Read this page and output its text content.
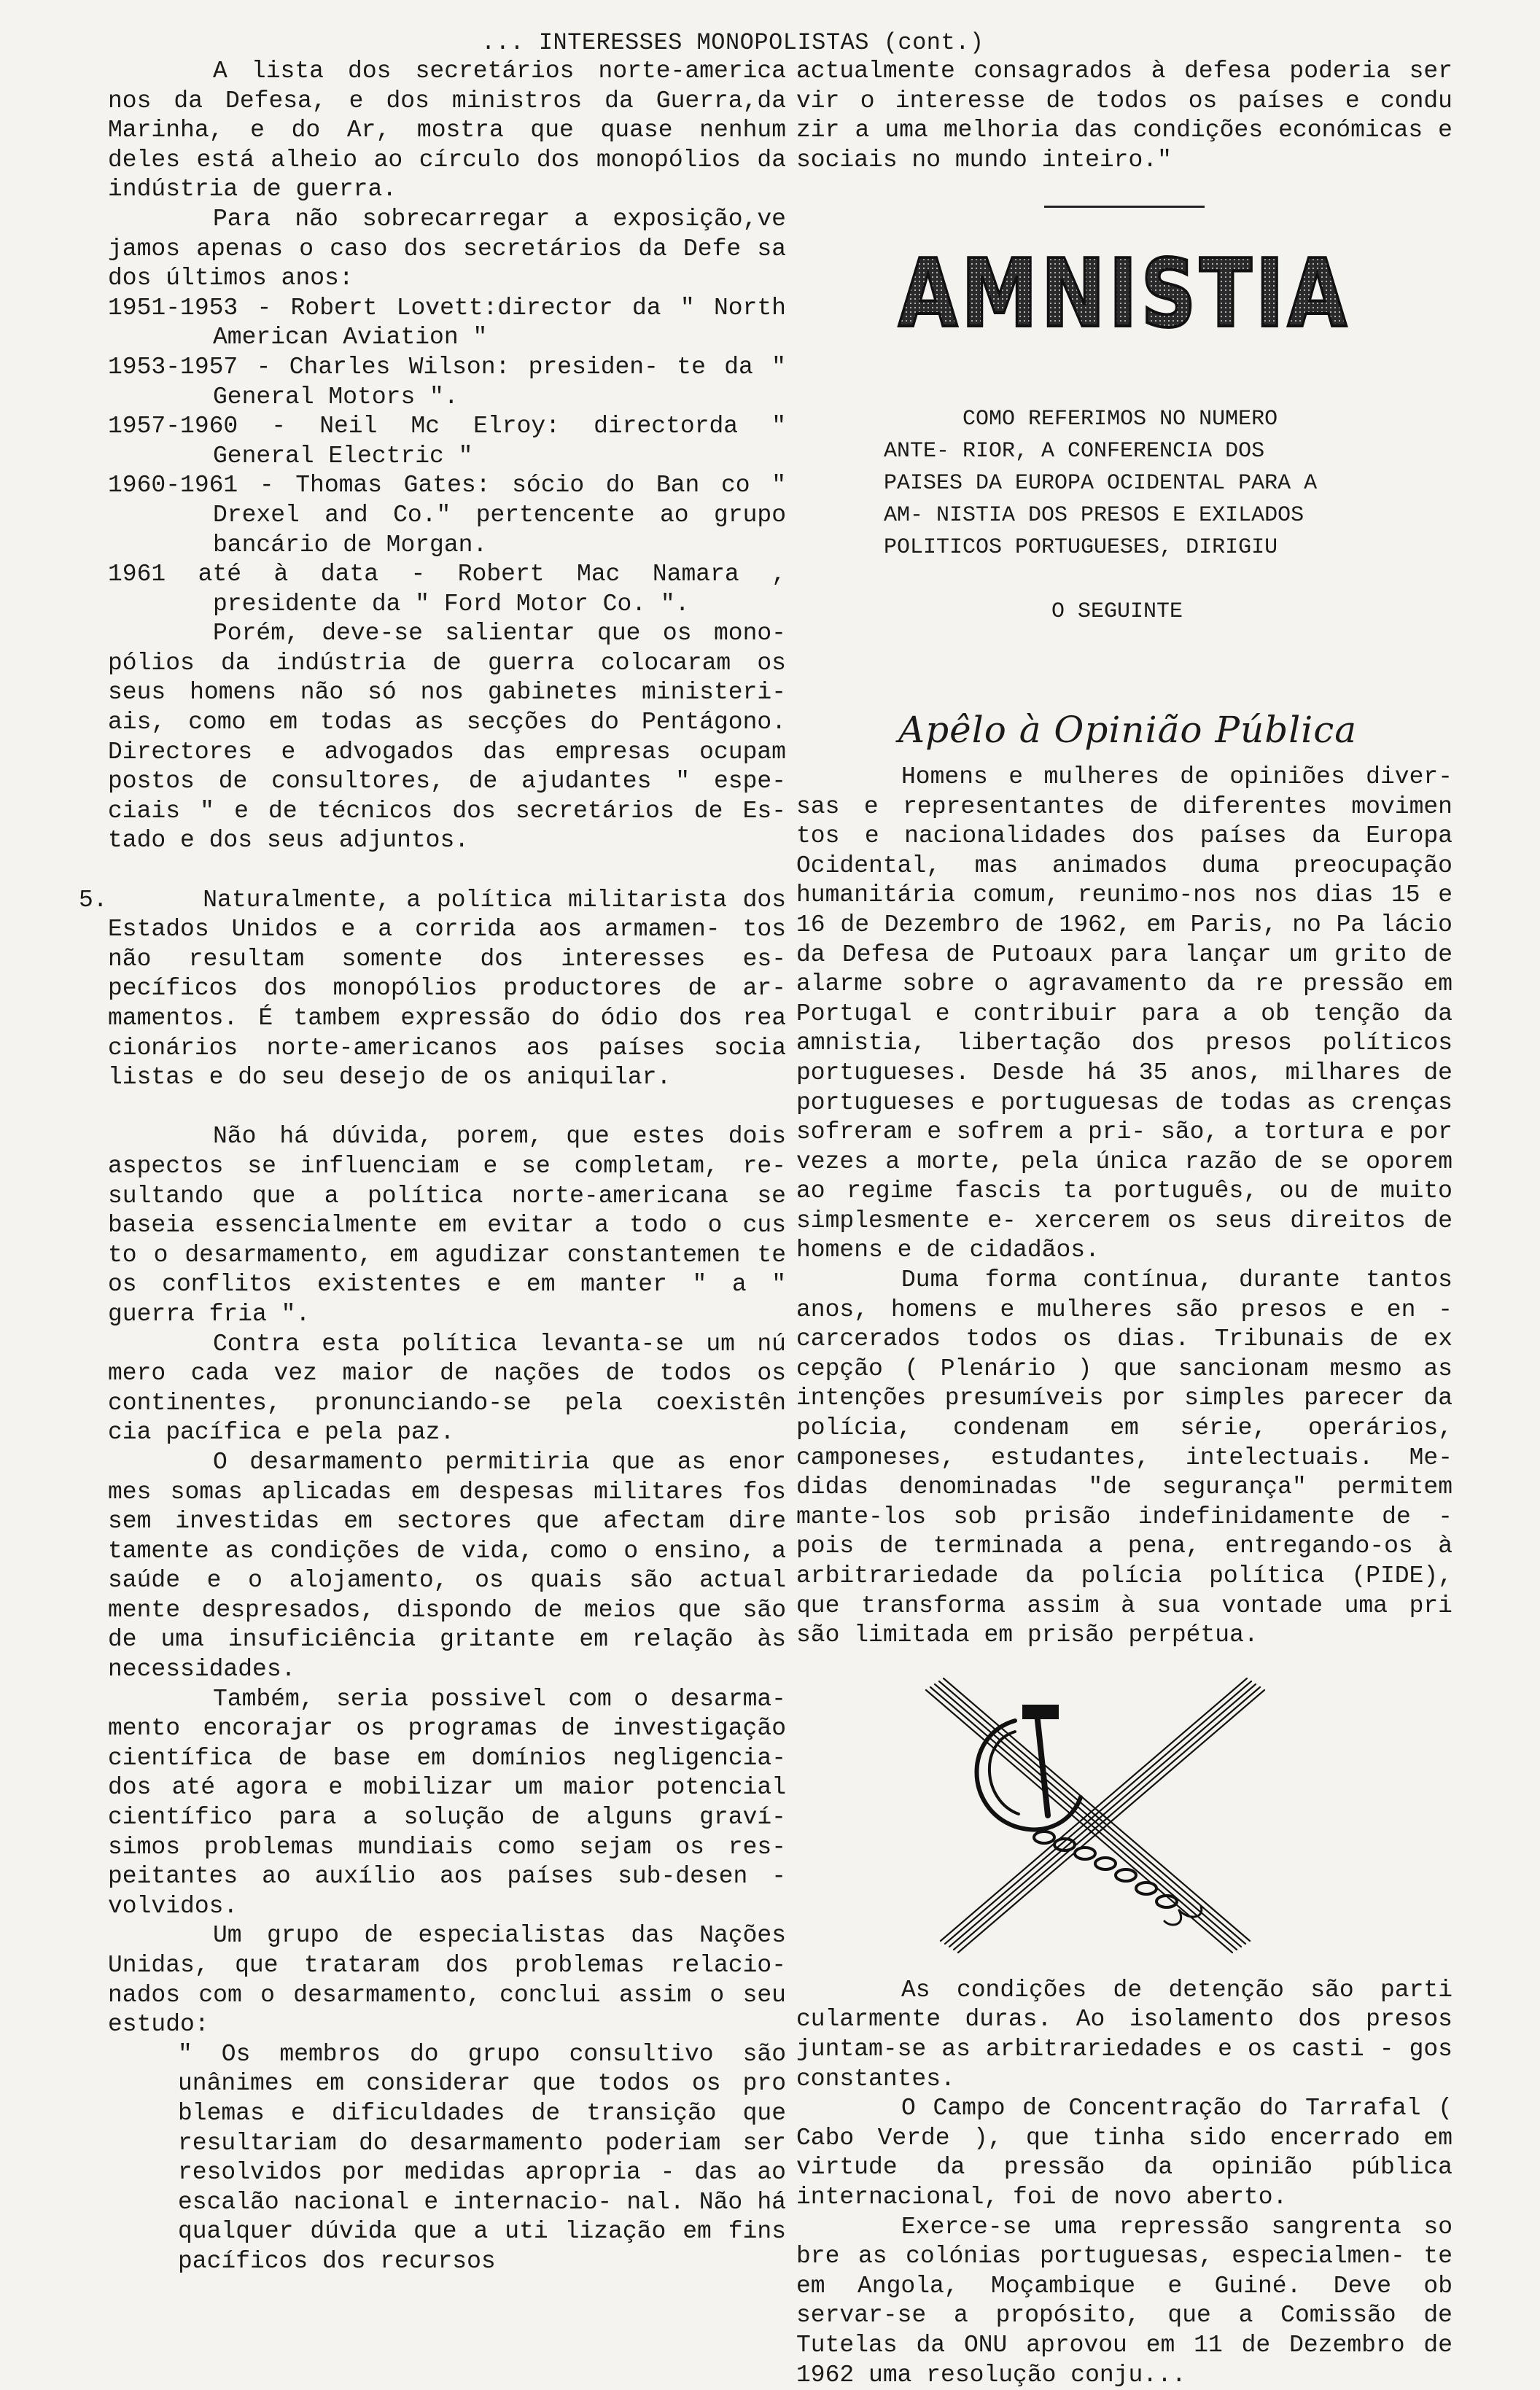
... INTERESSES MONOPOLISTAS (cont.)

A lista dos secretários norte-america nos da Defesa, e dos ministros da Guerra,da Marinha, e do Ar, mostra que quase nenhum deles está alheio ao círculo dos monopólios da indústria de guerra.

Para não sobrecarregar a exposição,ve jamos apenas o caso dos secretários da Defe sa dos últimos anos:

1951-1953 - Robert Lovett:director da " North American Aviation "

1953-1957 - Charles Wilson: presiden- te da " General Motors ".

1957-1960 - Neil Mc Elroy: directorda " General Electric "

1960-1961 - Thomas Gates: sócio do Ban co " Drexel and Co." pertencente ao grupo bancário de Morgan.

1961 até à data - Robert Mac Namara , presidente da " Ford Motor Co. ".

Porém, deve-se salientar que os mono- pólios da indústria de guerra colocaram os seus homens não só nos gabinetes ministeri- ais, como em todas as secções do Pentágono. Directores e advogados das empresas ocupam postos de consultores, de ajudantes " espe- ciais " e de técnicos dos secretários de Es- tado e dos seus adjuntos.

5.	Naturalmente, a política militarista dos Estados Unidos e a corrida aos armamen- tos não resultam somente dos interesses es- pecíficos dos monopólios productores de ar- mamentos. É tambem expressão do ódio dos rea cionários norte-americanos aos países socia listas e do seu desejo de os aniquilar.

Não há dúvida, porem, que estes dois aspectos se influenciam e se completam, re- sultando que a política norte-americana se baseia essencialmente em evitar a todo o cus to o desarmamento, em agudizar constantemen te os conflitos existentes e em manter " a " guerra fria ".

Contra esta política levanta-se um nú mero cada vez maior de nações de todos os continentes, pronunciando-se pela coexistên cia pacífica e pela paz.

O desarmamento permitiria que as enor mes somas aplicadas em despesas militares fos sem investidas em sectores que afectam dire tamente as condições de vida, como o ensino, a saúde e o alojamento, os quais são actual mente despresados, dispondo de meios que são de uma insuficiência gritante em relação às necessidades.

Também, seria possivel com o desarma- mento encorajar os programas de investigação científica de base em domínios negligencia- dos até agora e mobilizar um maior potencial científico para a solução de alguns graví- simos problemas mundiais como sejam os res- peitantes ao auxílio aos países sub-desen - volvidos.

Um grupo de especialistas das Nações Unidas, que trataram dos problemas relacio- nados com o desarmamento, conclui assim o seu estudo:

" Os membros do grupo consultivo são unânimes em considerar que todos os pro blemas e dificuldades de transição que resultariam do desarmamento poderiam ser resolvidos por medidas apropria - das ao escalão nacional e internacio- nal. Não há qualquer dúvida que a uti lização em fins pacíficos dos recursos

actualmente consagrados à defesa poderia ser vir o interesse de todos os países e condu zir a uma melhoria das condições económicas e sociais no mundo inteiro."

AMNISTIA

COMO REFERIMOS NO NUMERO ANTE- RIOR, A CONFERENCIA DOS PAISES DA EUROPA OCIDENTAL PARA A AM- NISTIA DOS PRESOS E EXILADOS POLITICOS PORTUGUESES, DIRIGIU

O SEGUINTE

Apêlo à Opinião Pública

Homens e mulheres de opiniões diver- sas e representantes de diferentes movimen tos e nacionalidades dos países da Europa Ocidental, mas animados duma preocupação humanitária comum, reunimo-nos nos dias 15 e 16 de Dezembro de 1962, em Paris, no Pa lácio da Defesa de Putoaux para lançar um grito de alarme sobre o agravamento da re pressão em Portugal e contribuir para a ob tenção da amnistia, libertação dos presos políticos portugueses. Desde há 35 anos, milhares de portugueses e portuguesas de todas as crenças sofreram e sofrem a pri- são, a tortura e por vezes a morte, pela única razão de se oporem ao regime fascis ta português, ou de muito simplesmente e- xercerem os seus direitos de homens e de cidadãos.

Duma forma contínua, durante tantos anos, homens e mulheres são presos e en - carcerados todos os dias. Tribunais de ex cepção ( Plenário ) que sancionam mesmo as intenções presumíveis por simples parecer da polícia, condenam em série, operários, camponeses, estudantes, intelectuais. Me- didas denominadas "de segurança" permitem mante-los sob prisão indefinidamente de - pois de terminada a pena, entregando-os à arbitrariedade da polícia política (PIDE), que transforma assim à sua vontade uma pri são limitada em prisão perpétua.

As condições de detenção são parti cularmente duras. Ao isolamento dos presos juntam-se as arbitrariedades e os casti - gos constantes.

O Campo de Concentração do Tarrafal ( Cabo Verde ), que tinha sido encerrado em virtude da pressão da opinião pública internacional, foi de novo aberto.

Exerce-se uma repressão sangrenta so bre as colónias portuguesas, especialmen- te em Angola, Moçambique e Guiné. Deve ob servar-se a propósito, que a Comissão de Tutelas da ONU aprovou em 11 de Dezembro de 1962 uma resolução conju...
